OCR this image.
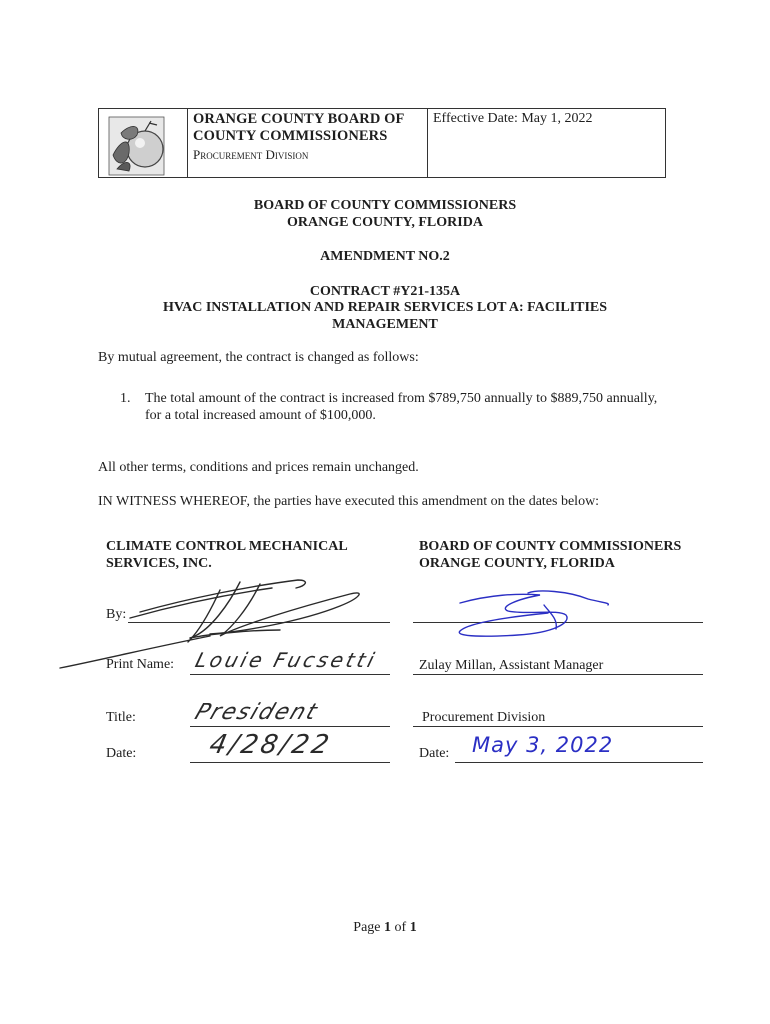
ORANGE COUNTY BOARD OF
COUNTY COMMISSIONERS
Procurement Division
Effective Date: May 1, 2022
BOARD OF COUNTY COMMISSIONERS
ORANGE COUNTY, FLORIDA
AMENDMENT NO.2
CONTRACT #Y21-135A
HVAC INSTALLATION AND REPAIR SERVICES LOT A: FACILITIES
MANAGEMENT
By mutual agreement, the contract is changed as follows:
1. The total amount of the contract is increased from $789,750 annually to $889,750 annually,
for a total increased amount of $100,000.
All other terms, conditions and prices remain unchanged.
IN WITNESS WHEREOF, the parties have executed this amendment on the dates below:
CLIMATE CONTROL MECHANICAL
SERVICES, INC.
By:
Print Name: Louie Fucsetti
Title:	President
Date:	4/28/22
BOARD OF COUNTY COMMISSIONERS
ORANGE COUNTY, FLORIDA
Zulay Millan, Assistant Manager
Procurement Division
Date: May 3, 2022
Page 1 of 1
